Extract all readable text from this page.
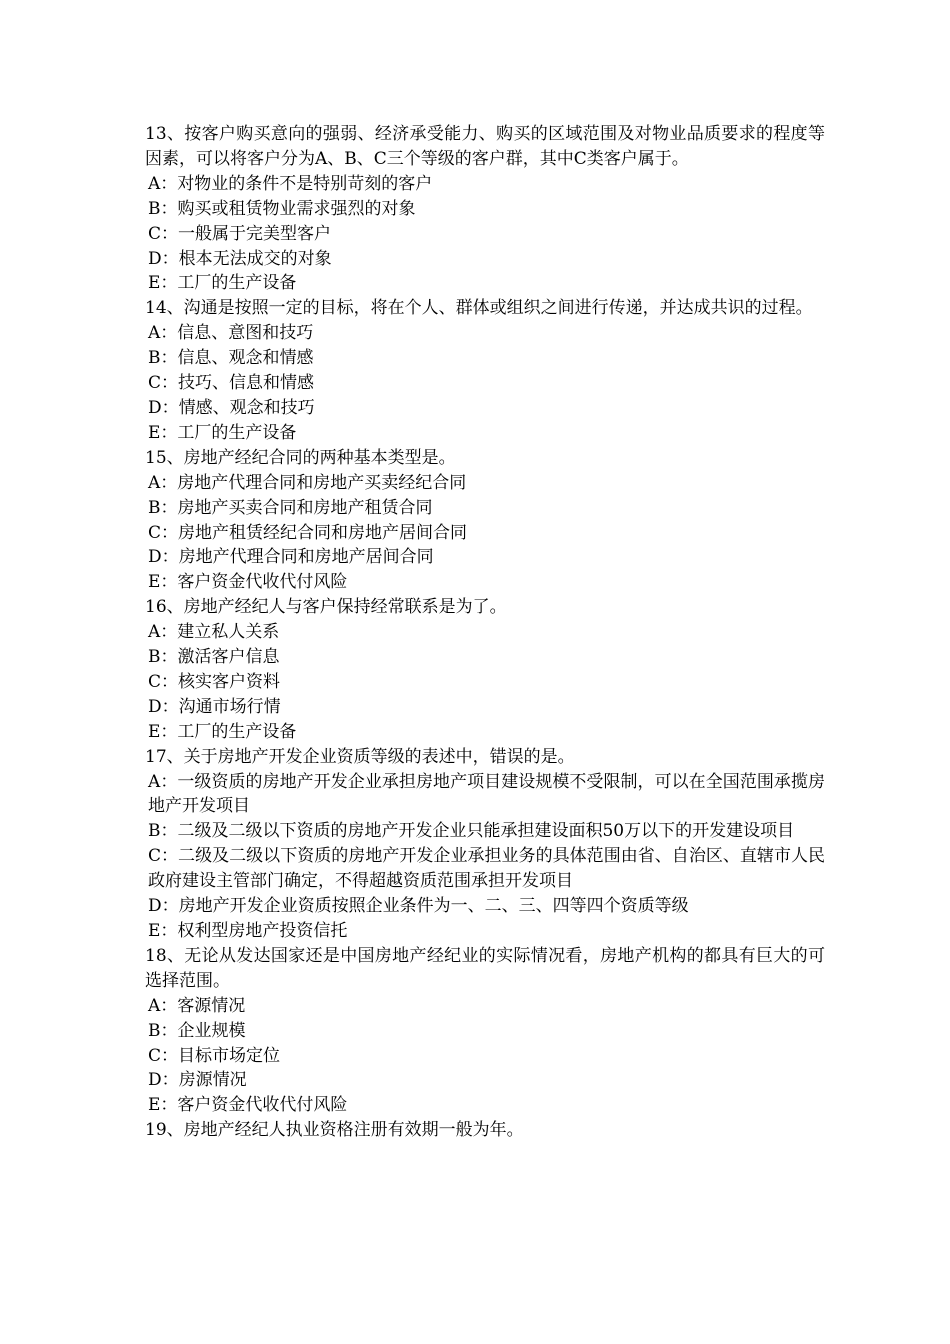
13、按客户购买意向的强弱、经济承受能力、购买的区域范围及对物业品质要求的程度等因素，可以将客户分为A、B、C三个等级的客户群，其中C类客户属于。

A：对物业的条件不是特别苛刻的客户

B：购买或租赁物业需求强烈的对象

C：一般属于完美型客户

D：根本无法成交的对象

E：工厂的生产设备

14、沟通是按照一定的目标，将在个人、群体或组织之间进行传递，并达成共识的过程。

A：信息、意图和技巧

B：信息、观念和情感

C：技巧、信息和情感

D：情感、观念和技巧

E：工厂的生产设备

15、房地产经纪合同的两种基本类型是。

A：房地产代理合同和房地产买卖经纪合同

B：房地产买卖合同和房地产租赁合同

C：房地产租赁经纪合同和房地产居间合同

D：房地产代理合同和房地产居间合同

E：客户资金代收代付风险

16、房地产经纪人与客户保持经常联系是为了。

A：建立私人关系

B：激活客户信息

C：核实客户资料

D：沟通市场行情

E：工厂的生产设备

17、关于房地产开发企业资质等级的表述中，错误的是。

A：一级资质的房地产开发企业承担房地产项目建设规模不受限制，可以在全国范围承揽房地产开发项目

B：二级及二级以下资质的房地产开发企业只能承担建设面积50万以下的开发建设项目

C：二级及二级以下资质的房地产开发企业承担业务的具体范围由省、自治区、直辖市人民政府建设主管部门确定，不得超越资质范围承担开发项目

D：房地产开发企业资质按照企业条件为一、二、三、四等四个资质等级

E：权利型房地产投资信托

18、无论从发达国家还是中国房地产经纪业的实际情况看，房地产机构的都具有巨大的可选择范围。

A：客源情况

B：企业规模

C：目标市场定位

D：房源情况

E：客户资金代收代付风险

19、房地产经纪人执业资格注册有效期一般为年。
